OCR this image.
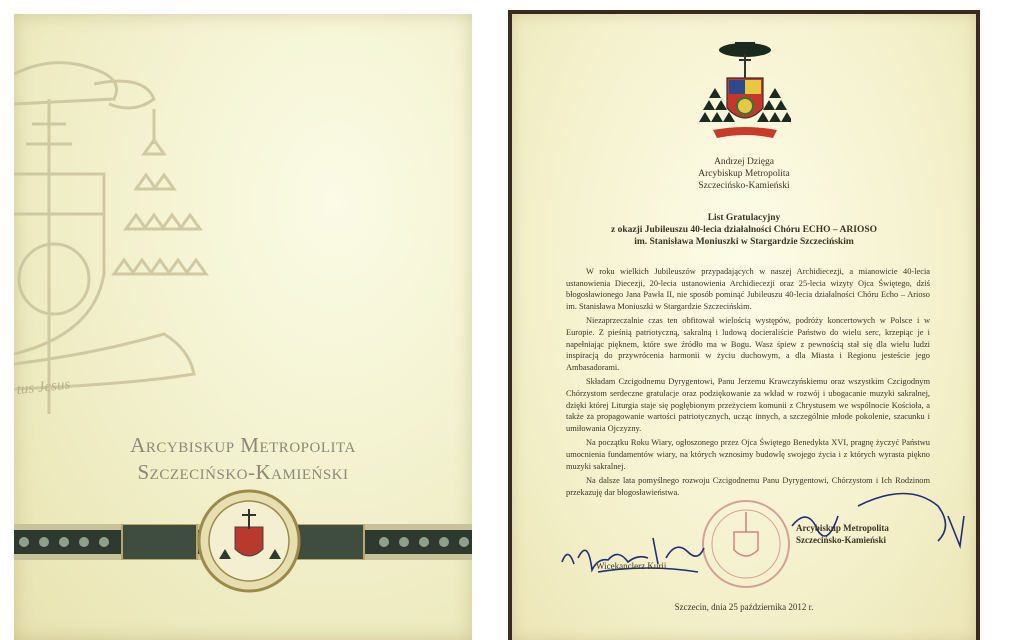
tus Jesus
Arcybiskup Metropolita
Szczecińsko-Kamieński
Andrzej Dzięga
Arcybiskup Metropolita
Szczecińsko-Kamieński
List Gratulacyjny
z okazji Jubileuszu 40-lecia działalności Chóru ECHO – ARIOSO
im. Stanisława Moniuszki w Stargardzie Szczecińskim

W roku wielkich Jubileuszów przypadających w naszej Archidiecezji, a mianowicie 40-lecia ustanowienia Diecezji, 20-lecia ustanowienia Archidiecezji oraz 25-lecia wizyty Ojca Świętego, dziś błogosławionego Jana Pawła II, nie sposób pominąć Jubileuszu 40-lecia działalności Chóru Echo – Arioso im. Stanisława Moniuszki w Stargardzie Szczecińskim.

Niezaprzeczalnie czas ten obfitował wielością występów, podróży koncertowych w Polsce i w Europie. Z pieśnią patriotyczną, sakralną i ludową docieraliście Państwo do wielu serc, krzepiąc je i napełniając pięknem, które swe źródło ma w Bogu. Wasz śpiew z pewnością stał się dla wielu ludzi inspiracją do przywrócenia harmonii w życiu duchowym, a dla Miasta i Regionu jesteście jego Ambasadorami.

Składam Czcigodnemu Dyrygentowi, Panu Jerzemu Krawczyńskiemu oraz wszystkim Czcigodnym Chórzystom serdeczne gratulacje oraz podziękowanie za wkład w rozwój i ubogacanie muzyki sakralnej, dzięki której Liturgia staje się pogłębionym przeżyciem komunii z Chrystusem we wspólnocie Kościoła, a także za propagowanie wartości patriotycznych, ucząc innych, a szczególnie młode pokolenie, szacunku i umiłowania Ojczyzny.

Na początku Roku Wiary, ogłoszonego przez Ojca Świętego Benedykta XVI, pragnę życzyć Państwu umocnienia fundamentów wiary, na których wznosimy budowlę swojego życia i z których wyrasta piękno muzyki sakralnej.

Na dalsze lata pomyślnego rozwoju Czcigodnemu Panu Dyrygentowi, Chórzystom i Ich Rodzinom przekazuję dar błogosławieństwa.

Arcybiskup Metropolita
Szczecińsko-Kamieński
Wicekanclerz Kurii
Szczecin, dnia 25 października 2012 r.
